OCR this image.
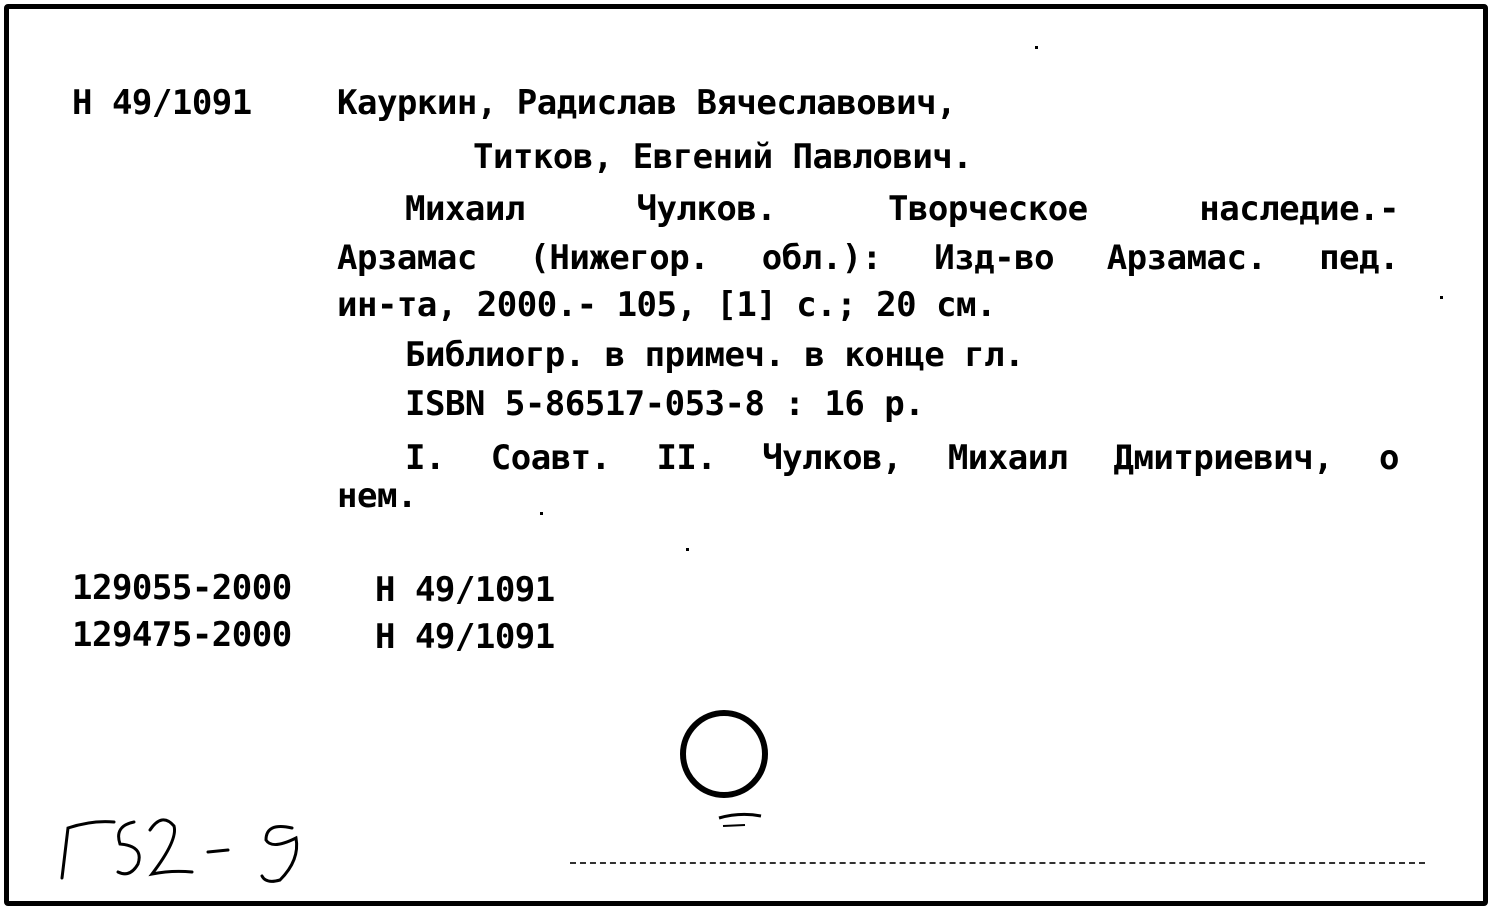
Н 49/1091	Кауркин, Радислав Вячеславович,
Титков, Евгений Павлович.
Михаил	Чулков.	Творческое	наследие.-
Арзамас (Нижегор. обл.): Изд-во Арзамас. пед.
ин-та, 2000.- 105, [1] с.; 20 см.
Библиогр. в примеч. в конце гл.
ISBN 5-86517-053-8 : 16 р.
I. Соавт. II. Чулков, Михаил Дмитриевич, о
нем.
129055-2000 Н 49/1091
129475-2000 Н 49/1091
